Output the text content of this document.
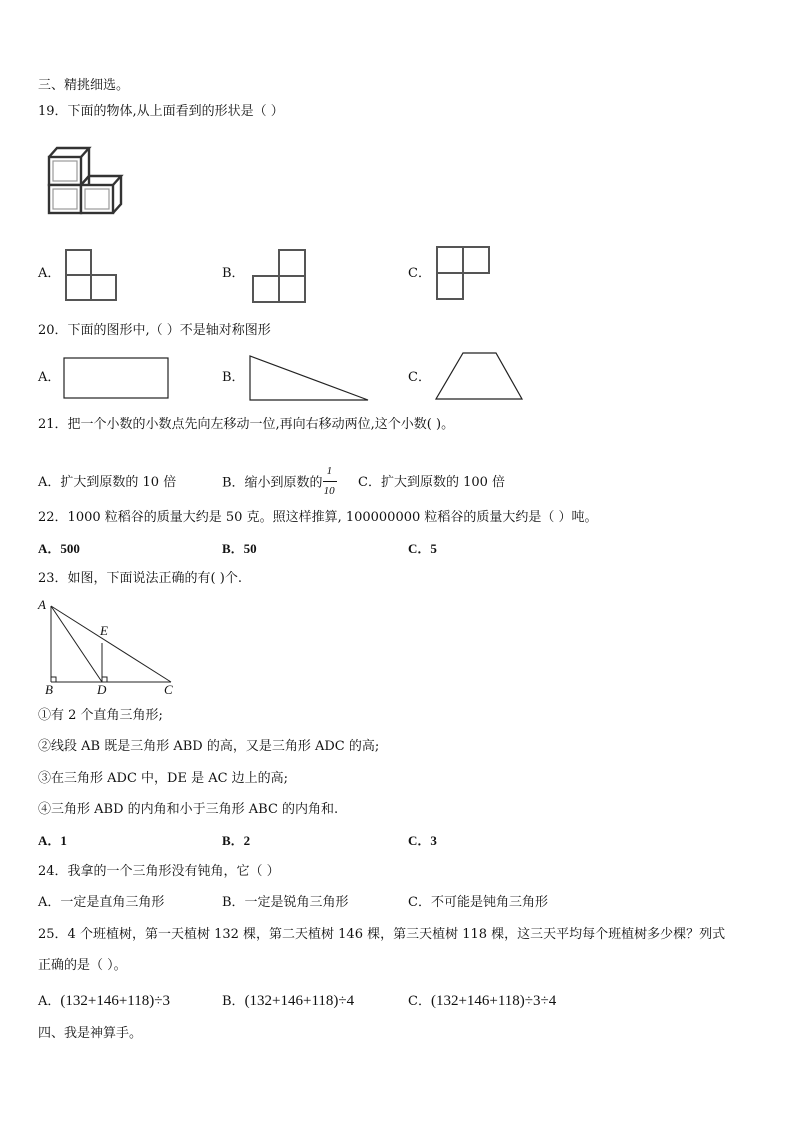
三、精挑细选。
19．下面的物体,从上面看到的形状是（ ）
A．	B．	C．
20．下面的图形中,（ ）不是轴对称图形
A．	B．	C．
21．把一个小数的小数点先向左移动一位,再向右移动两位,这个小数( )。
A．扩大到原数的 10 倍	B．缩小到原数的 $\frac{1}{10}$ C．扩大到原数的 100 倍
22．1000 粒稻谷的质量大约是 50 克。照这样推算, 100000000 粒稻谷的质量大约是（ ）吨。
A．500	B．50	C．5
23．如图，下面说法正确的有( )个.
A
B	D	C
E
①有 2 个直角三角形;
②线段 AB 既是三角形 ABD 的高，又是三角形 ADC 的高;
③在三角形 ADC 中，DE 是 AC 边上的高;
④三角形 ABD 的内角和小于三角形 ABC 的内角和.
A．1	B．2	C．3
24．我拿的一个三角形没有钝角，它（ ）
A．一定是直角三角形	B．一定是锐角三角形	C．不可能是钝角三角形
25．4 个班植树，第一天植树 132 棵，第二天植树 146 棵，第三天植树 118 棵，这三天平均每个班植树多少棵？列式
正确的是（ ）。
A．(132+146+118)÷3	B．(132+146+118)÷4	C．(132+146+118)÷3÷4
四、我是神算手。
